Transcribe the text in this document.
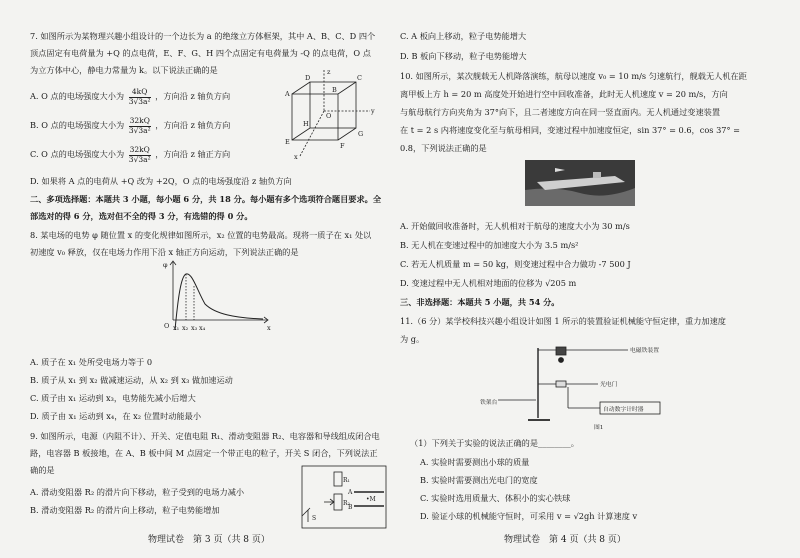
7. 如图所示为某物理兴趣小组设计的一个边长为 a 的绝缘立方体框架，其中 A、B、C、D 四个
顶点固定有电荷量为 +Q 的点电荷，E、F、G、H 四个点固定有电荷量为 -Q 的点电荷，O 点
为立方体中心，静电力常量为 k。以下说法正确的是
A. O 点的电场强度大小为 $\frac{4kQ}{\text{3√3a²}}$ ，方向沿 z 轴负方向
B. O 点的电场强度大小为 $\frac{32kQ}{\text{3√3a²}}$ ，方向沿 z 轴负方向
C. O 点的电场强度大小为 $\frac{32kQ}{\text{3√3a²}}$ ，方向沿 z 轴正方向
D. 如果将 A 点的电荷从 +Q 改为 +2Q，O 点的电场强度沿 z 轴负方向
z
y
x
D	C
A	B
E	F
G
H
O
二、多项选择题：本题共 3 小题，每小题 6 分，共 18 分。每小题有多个选项符合题目要求。全
部选对的得 6 分，选对但不全的得 3 分，有选错的得 0 分。
8. 某电场的电势 φ 随位置 x 的变化规律如图所示，x₂ 位置的电势最高。现将一质子在 x₁ 处以
初速度 v₀ 释放，仅在电场力作用下沿 x 轴正方向运动，下列说法正确的是
φ
O	x
x₁ x₂ x₃ x₄
A. 质子在 x₁ 处所受电场力等于 0
B. 质子从 x₁ 到 x₂ 做减速运动，从 x₂ 到 x₃ 做加速运动
C. 质子由 x₁ 运动到 x₃，电势能先减小后增大
D. 质子由 x₁ 运动到 x₄，在 x₂ 位置时动能最小
9. 如图所示，电源（内阻不计）、开关、定值电阻 R₁、滑动变阻器 R₂、电容器和导线组成闭合电
路，电容器 B 板接地，在 A、B 板中间 M 点固定一个带正电的粒子，开关 S 闭合，下列说法正
确的是
A. 滑动变阻器 R₂ 的滑片向下移动，粒子受到的电场力减小
B. 滑动变阻器 R₂ 的滑片向上移动，粒子电势能增加
R₁
R₂
S
A
B
•M
物理试卷　第 3 页（共 8 页）
C. A 板向上移动，粒子电势能增大
D. B 板向下移动，粒子电势能增大
10. 如图所示，某次舰载无人机降落演练，航母以速度 v₀ = 10 m/s 匀速航行，舰载无人机在距
离甲板上方 h = 20 m 高度处开始进行空中回收准备，此时无人机速度 v = 20 m/s，方向
与航母航行方向夹角为 37°向下，且二者速度方向在同一竖直面内。无人机通过变速装置
在 t = 2 s 内将速度变化至与航母相同，变速过程中加速度恒定，sin 37° = 0.6，cos 37° =
0.8，下列说法正确的是
A. 开始做回收准备时，无人机相对于航母的速度大小为 30 m/s
B. 无人机在变速过程中的加速度大小为 3.5 m/s²
C. 若无人机质量 m = 50 kg，则变速过程中合力做功 -7 500 J
D. 变速过程中无人机相对地面的位移为 √205 m
三、非选择题：本题共 5 小题，共 54 分。
11.（6 分）某学校科技兴趣小组设计如图 1 所示的装置验证机械能守恒定律，重力加速度
为 g。
电磁铁装置
光电门
铁架台
自动数字计时器
图1
（1）下列关于实验的说法正确的是________。
A. 实验时需要测出小球的质量
B. 实验时需要测出光电门的宽度
C. 实验时选用质量大、体积小的实心铁球
D. 验证小球的机械能守恒时，可采用 v = √2gh 计算速度 v
物理试卷　第 4 页（共 8 页）
